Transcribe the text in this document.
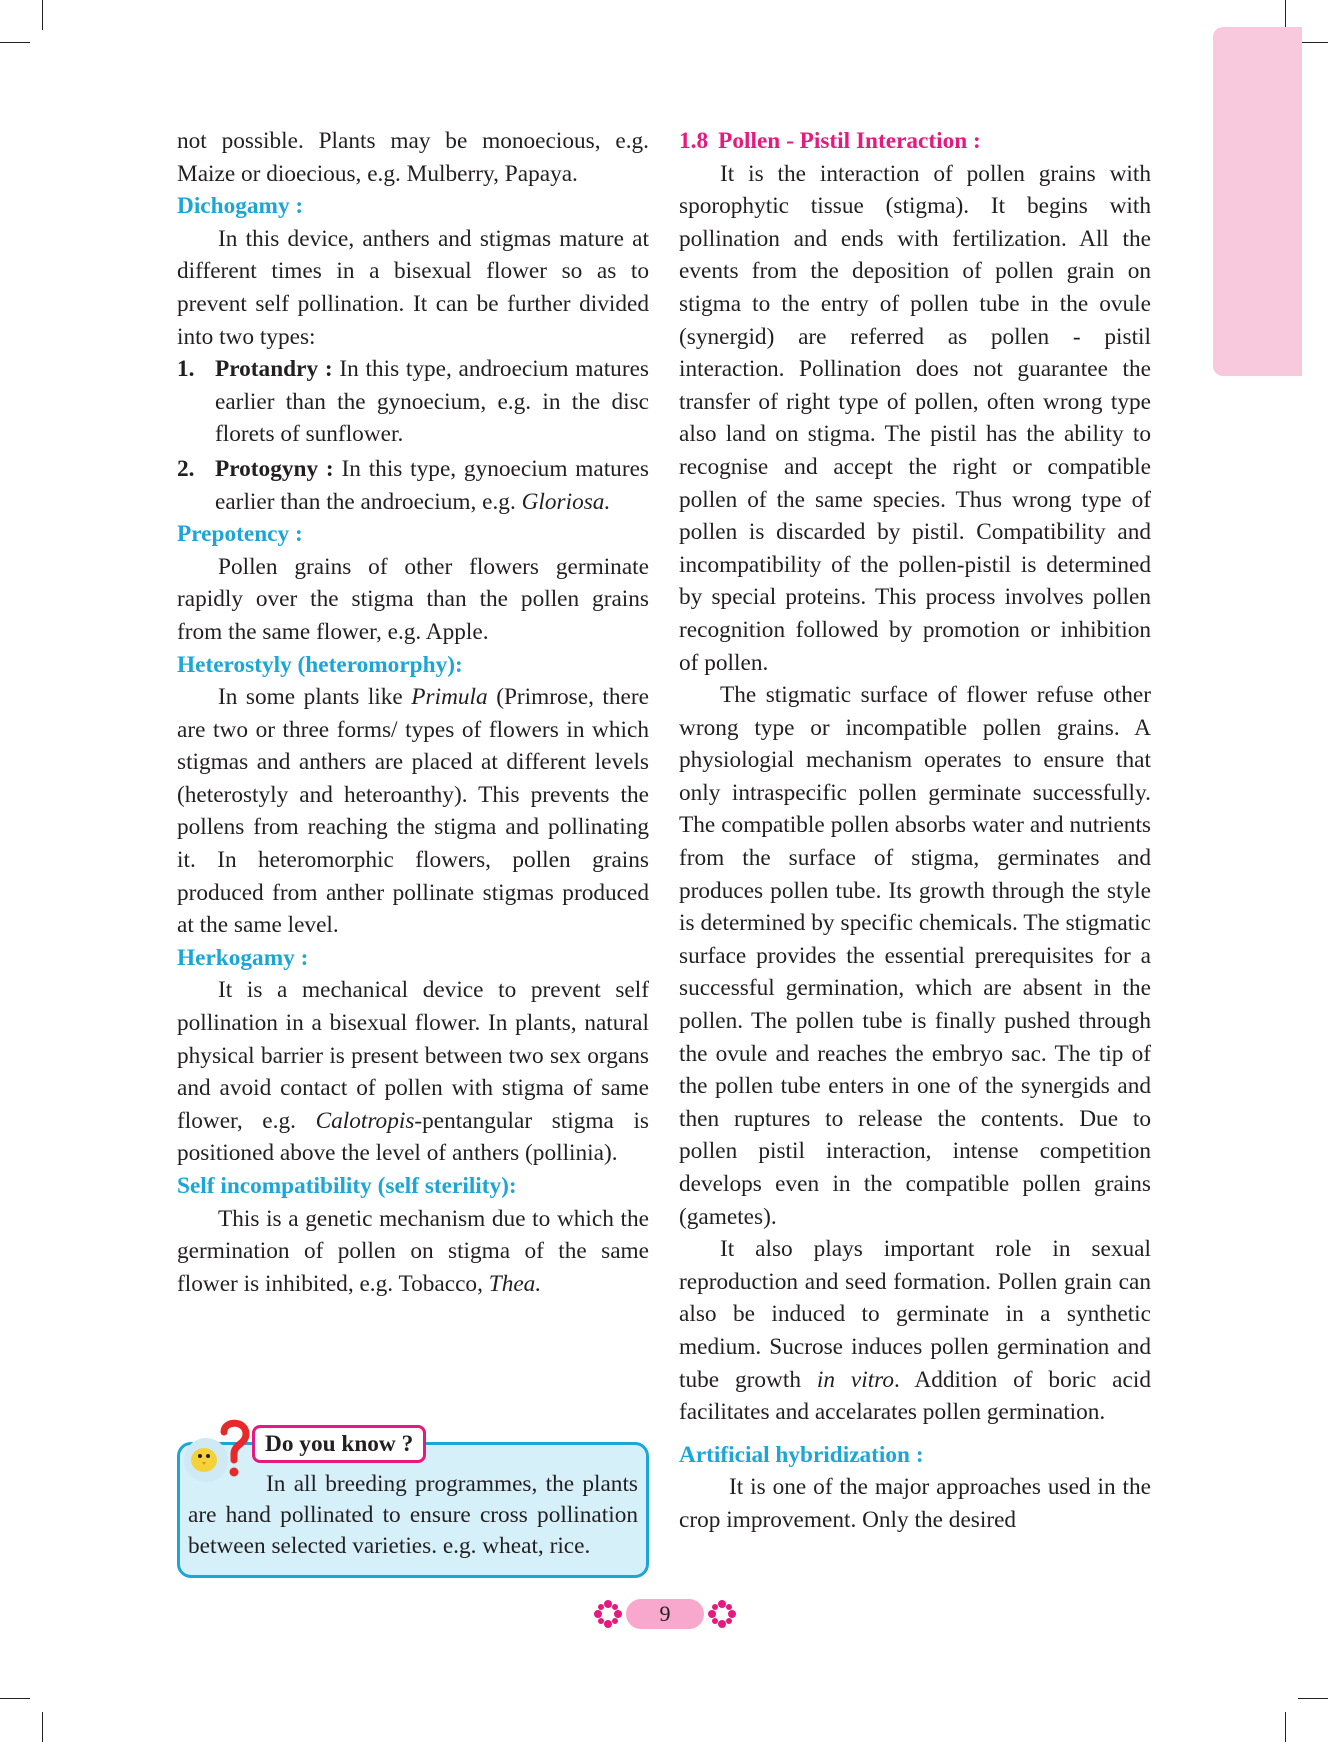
not possible. Plants may be monoecious, e.g. Maize or dioecious, e.g. Mulberry, Papaya.

Dichogamy :

In this device, anthers and stigmas mature at different times in a bisexual flower so as to prevent self pollination. It can be further divided into two types:

1. Protandry : In this type, androecium matures earlier than the gynoecium, e.g. in the disc florets of sunflower.
2. Protogyny : In this type, gynoecium matures earlier than the androecium, e.g. Gloriosa.

Prepotency :

Pollen grains of other flowers germinate rapidly over the stigma than the pollen grains from the same flower, e.g. Apple.

Heterostyly (heteromorphy):

In some plants like Primula (Primrose, there are two or three forms/ types of flowers in which stigmas and anthers are placed at different levels (heterostyly and heteroanthy). This prevents the pollens from reaching the stigma and pollinating it. In heteromorphic flowers, pollen grains produced from anther pollinate stigmas produced at the same level.

Herkogamy :

It is a mechanical device to prevent self pollination in a bisexual flower. In plants, natural physical barrier is present between two sex organs and avoid contact of pollen with stigma of same flower, e.g. Calotropis-pentangular stigma is positioned above the level of anthers (pollinia).

Self incompatibility (self sterility):

This is a genetic mechanism due to which the germination of pollen on stigma of the same flower is inhibited, e.g. Tobacco, Thea.

In all breeding programmes, the plants are hand pollinated to ensure cross pollination between selected varieties. e.g. wheat, rice.

Do you know ?

1.8 Pollen - Pistil Interaction :

It is the interaction of pollen grains with sporophytic tissue (stigma). It begins with pollination and ends with fertilization. All the events from the deposition of pollen grain on stigma to the entry of pollen tube in the ovule (synergid) are referred as pollen - pistil interaction. Pollination does not guarantee the transfer of right type of pollen, often wrong type also land on stigma. The pistil has the ability to recognise and accept the right or compatible pollen of the same species. Thus wrong type of pollen is discarded by pistil. Compatibility and incompatibility of the pollen-pistil is determined by special proteins. This process involves pollen recognition followed by promotion or inhibition of pollen.

The stigmatic surface of flower refuse other wrong type or incompatible pollen grains. A physiologial mechanism operates to ensure that only intraspecific pollen germinate successfully. The compatible pollen absorbs water and nutrients from the surface of stigma, germinates and produces pollen tube. Its growth through the style is determined by specific chemicals. The stigmatic surface provides the essential prerequisites for a successful germination, which are absent in the pollen. The pollen tube is finally pushed through the ovule and reaches the embryo sac. The tip of the pollen tube enters in one of the synergids and then ruptures to release the contents. Due to pollen pistil interaction, intense competition develops even in the compatible pollen grains (gametes).

It also plays important role in sexual reproduction and seed formation. Pollen grain can also be induced to germinate in a synthetic medium. Sucrose induces pollen germination and tube growth in vitro. Addition of boric acid facilitates and accelarates pollen germination.

Artificial hybridization :

It is one of the major approaches used in the crop improvement. Only the desired

9
